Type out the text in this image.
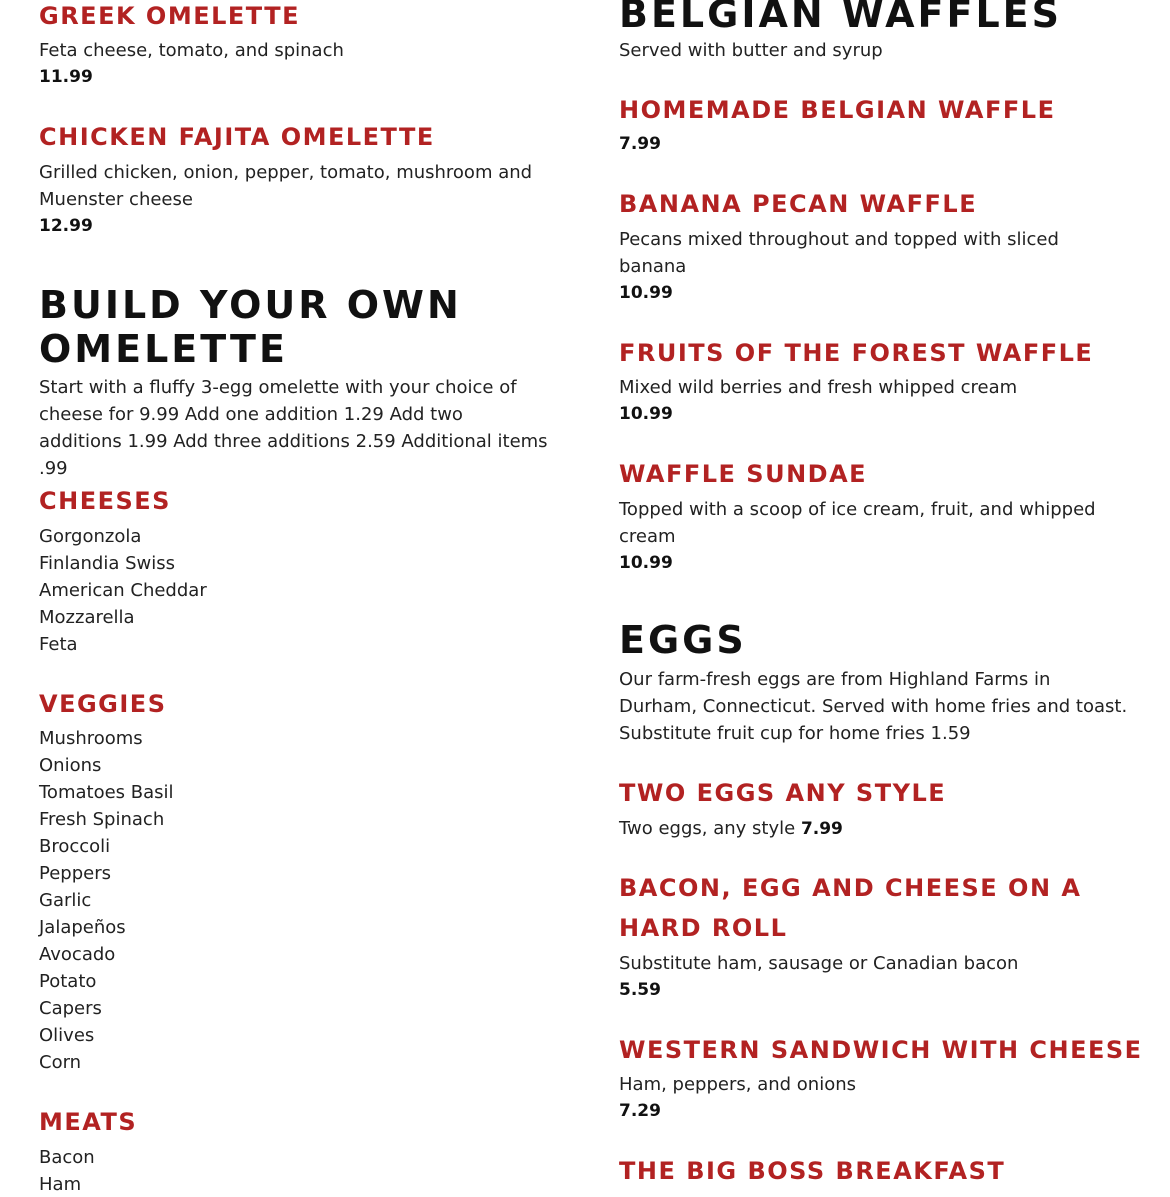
GREEK OMELETTE
Feta cheese, tomato, and spinach
11.99
CHICKEN FAJITA OMELETTE
Grilled chicken, onion, pepper, tomato, mushroom and Muenster cheese
12.99
BUILD YOUR OWN
OMELETTE
Start with a fluffy 3-egg omelette with your choice of cheese for 9.99 Add one addition 1.29 Add two additions 1.99 Add three additions 2.59 Additional items .99
CHEESES
Gorgonzola
Finlandia Swiss
American Cheddar
Mozzarella
Feta
VEGGIES
Mushrooms
Onions
Tomatoes Basil
Fresh Spinach
Broccoli
Peppers
Garlic
Jalapeños
Avocado
Potato
Capers
Olives
Corn
MEATS
Bacon
Ham
BELGIAN WAFFLES
Served with butter and syrup
HOMEMADE BELGIAN WAFFLE
7.99
BANANA PECAN WAFFLE
Pecans mixed throughout and topped with sliced banana
10.99
FRUITS OF THE FOREST WAFFLE
Mixed wild berries and fresh whipped cream
10.99
WAFFLE SUNDAE
Topped with a scoop of ice cream, fruit, and whipped cream
10.99
EGGS
Our farm-fresh eggs are from Highland Farms in Durham, Connecticut. Served with home fries and toast. Substitute fruit cup for home fries 1.59
TWO EGGS ANY STYLE
Two eggs, any style 7.99
BACON, EGG AND CHEESE ON A
HARD ROLL
Substitute ham, sausage or Canadian bacon
5.59
WESTERN SANDWICH WITH CHEESE
Ham, peppers, and onions
7.29
THE BIG BOSS BREAKFAST
